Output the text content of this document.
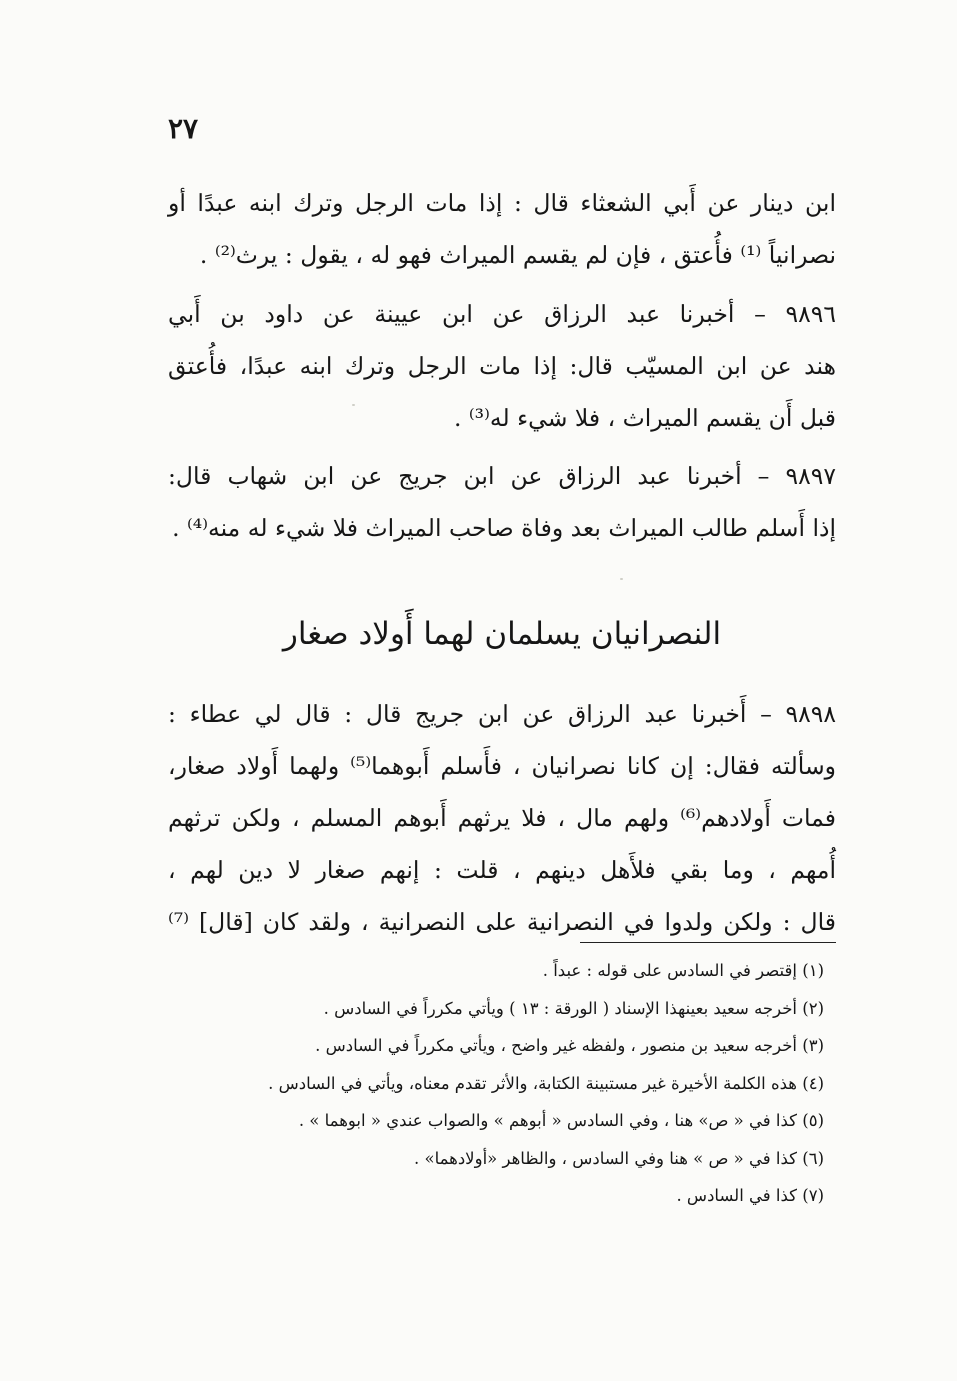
٢٧
ابن دينار عن أَبي الشعثاء قال : إذا مات الرجل وترك ابنه عبدًا أو
نصرانياً ⁽¹⁾ فأُعتق ، فإن لم يقسم الميراث فهو له ، يقول : يرث⁽²⁾ .
٩٨٩٦ – أخبرنا عبد الرزاق عن ابن عيينة عن داود بن أَبي
هند عن ابن المسيّب قال: إذا مات الرجل وترك ابنه عبدًا، فأُعتق
قبل أَن يقسم الميراث ، فلا شيء له⁽³⁾ .
٩٨٩٧ – أخبرنا عبد الرزاق عن ابن جريج عن ابن شهاب قال:
إذا أَسلم طالب الميراث بعد وفاة صاحب الميراث فلا شيء له منه⁽⁴⁾ .
النصرانيان يسلمان لهما أَولاد صغار
٩٨٩٨ – أَخبرنا عبد الرزاق عن ابن جريج قال : قال لي عطاء :
وسألته فقال: إن كانا نصرانيان ، فأَسلم أَبوهما⁽⁵⁾ ولهما أَولاد صغار،
فمات أَولادهم⁽⁶⁾ ولهم مال ، فلا يرثهم أَبوهم المسلم ، ولكن ترثهم
أُمهم ، وما بقي فلأَهل دينهم ، قلت : إنهم صغار لا دين لهم ،
قال : ولكن ولدوا في النصرانية على النصرانية ، ولقد كان [قال] ⁽⁷⁾
(١) إقتصر في السادس على قوله : عبداً .
(٢) أخرجه سعيد بعينهذا الإسناد ( الورقة : ١٣ ) ويأتي مكرراً في السادس .
(٣) أخرجه سعيد بن منصور ، ولفظه غير واضح ، ويأتي مكرراً في السادس .
(٤) هذه الكلمة الأخيرة غير مستبينة الكتابة، والأثر تقدم معناه، ويأتي في السادس .
(٥) كذا في « ص» هنا ، وفي السادس « أبوهم » والصواب عندي « ابوهما » .
(٦) كذا في « ص » هنا وفي السادس ، والظاهر «أولادهما» .
(٧) كذا في السادس .
